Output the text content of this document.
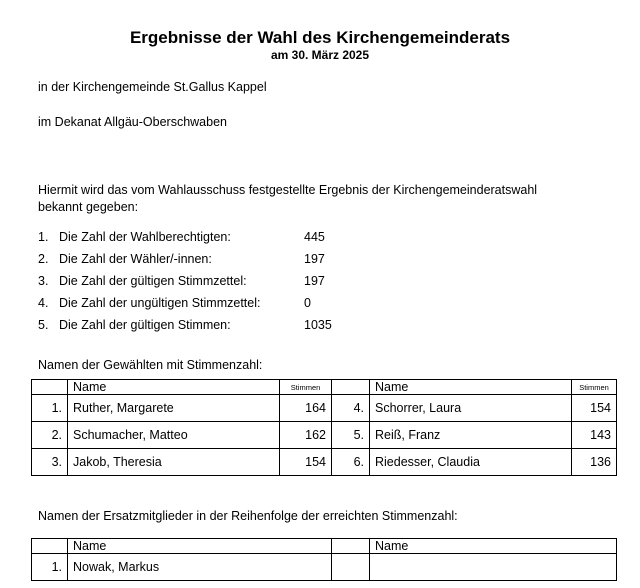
Ergebnisse der Wahl des Kirchengemeinderats
am 30. März 2025
in der Kirchengemeinde St.Gallus Kappel
im Dekanat Allgäu-Oberschwaben
Hiermit wird das vom Wahlausschuss festgestellte Ergebnis der Kirchengemeinderatswahl bekannt gegeben:
1. Die Zahl der Wahlberechtigten:	445
2. Die Zahl der Wähler/-innen:	197
3. Die Zahl der gültigen Stimmzettel:	197
4. Die Zahl der ungültigen Stimmzettel:	0
5. Die Zahl der gültigen Stimmen:	1035
Namen der Gewählten mit Stimmenzahl:
	Name	Stimmen		Name	Stimmen
1.	Ruther, Margarete	164	4.	Schorrer, Laura	154
2.	Schumacher, Matteo	162	5.	Reiß, Franz	143
3.	Jakob, Theresia	154	6.	Riedesser, Claudia	136
Namen der Ersatzmitglieder in der Reihenfolge der erreichten Stimmenzahl:
	Name		Name
1.	Nowak, Markus		
